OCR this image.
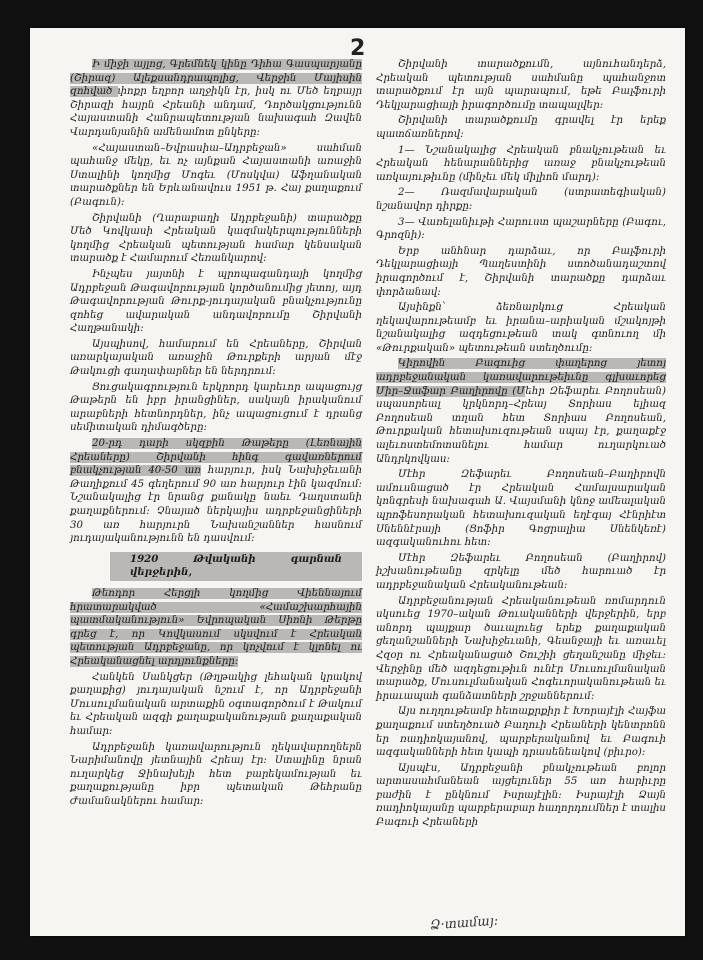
2

Ի միջի այլոց, Գրեմնեկ կինը Դիհա Գասպարյանը (Շիրազ) Ալեքսանդրապոլից, Վերջին Մայիսին զոհված փոքր եղբոր աղջիկն էր, իսկ ու Մեծ եղբայր Շիրազի հայրն Հրեանի անդամ, Դործակցությունն Հայաստանի Հանրապետության նախագահ Զավեն Վարդանյանին ամենամոտ ընկերը։

«Հայաստան–Եվրասիա–Ադրբեջան» սահման պահանջ մեկը, եւ ոչ այնքան Հայաստանի առաջին Ստալինի կողմից Մոգեւ (Մոսկվա) Աֆղանական տարածքներ են Երևանավուս 1951 թ. Հայ քաղաքում (Բագուն)։

Շիրվանի (Ղարաբաղի Ադրբեջանի) տարածքը Մեծ Կովկասի Հրեական կազմակերպությունների կողմից Հրեական պետության համար կենսական տարածք է Համարում Հեռանկարով։

Ինչպես յայտնի է պրոպագանդայի կողմից Ադրբեջան Թագավորության կործանումից յետոյ, այդ Թագավորության Թուրք-յուդայական բնակչությունը զոհեց ավարական անդավորումը Շիրվանի Հաղթանակի։

Այսպիսով, համարում են Հրեաները, Շիրվան առարկայական առաջին Թուրքերի արյան մէջ Թակուցի գաղափարներ են ներդրում։

Ցուցակագրություն երկրորդ կարեւոր ապացույց Թաթերն են իբր իրանցիներ, սակայն իրականում արաբների հետնորդներ, ինչ ապացուցում է դրանց սեմիտական դիմագծերը։

20-րդ դարի սկզբին Թաթերը (Լեռնային Հրեաները) Շիրվանի հինգ գավառներում բնակչության 40-50 առ հարյուր, իսկ Նախիջեւանի Թաղիքում 45 գեղերում 90 առ հարյուր էին կազմում։ Նշանակալից էր նրանց քանակը նաեւ Դաղստանի քաղաքներում։ Չնայած ներկայիս ադրբեջանցիների 30 առ հարյուրն Նախանշաններ հասնում յուդայականությունն են դասվում։

1920 Թվականի գարնան վերջերին,

Թեոդոր Հերցլի կողմից Վիեննայում հրատարակված «Համաշխարհային պատմականություն» Եվրոպական Սիոնի Թերթը գրեց է, որ Կովկասում սկսվում է Հրեական պետության Ադրբեջանը, որ կոչվում է կլոնել ու Հրեականացնել արդյունքները։

Հանկեն Սանկցեր (Թղթակից լեհական կրակով քաղաքից) յուդայական նշում է, որ Ադրբեջանի Մուսուլմանական արտաքին օգտագործում է Թակում եւ Հրեական ազգի քաղաքականության քաղաքական համար։

Ադրբեջանի կառավարություն ղեկավարողներն Նարիմանովը յետնային Հրեայ էր։ Ստալինը նրան ուղարկեց Ջինախեյի հետ բարեկամության եւ քաղաքությանը իբր պետական Թեհրանը Ժամանակներու համար։

Շիրվանի տարածքումն, այնուհանդերձ, Հրեական պետության սահմանը պահանջոտ տարածքում էր այն պարապում, եթե Բալֆուրի Դեկլարացիայի իրագործումը տապալվեր։

Շիրվանի տարածքումը գրավել էր երեք պատճառներով։

1— Նշանակալից Հրեական բնակչութեան եւ Հրեական հենարաններից առաջ բնակչութեան առկայութիւնը (մինչեւ մեկ միլիոն մարդ)։

2— Ռազմավարական (ստրատեգիական) նշանավոր դիրքը։

3— Վառելանիւթի Հարուստ պաշարները (Բագու, Գրոզնի)։

Երբ անհնար դարձաւ, որ Բալֆուրի Դեկլարացիայի Պաղեստինի ստոծանադաշտով իրագործում է, Շիրվանի տարածքը դարձաւ փորձանավ։

Այսինքն՝ ձեռնարկուց Հրեական ղեկավարութեամբ եւ իրանա–արիական մշակոյթի նշանակալից ազդեցութեան տակ գտնուող մի «Թուրքական» պետութեան ստեղծումը։

Կիրովին Բագուից փաղերոց յետոյ ադրբեջանական կառավարութեիւնը գլխաւորեց Միր–Ջաֆար Բաղիրովը (Մեհր Զեֆարեւ Բողոսեան) սպասորեալ կրկնորդ–Հրեայ Տորիաս ելիազ Բողոսեան տղան հետ Տորիաս Բողոսեան, Թուրքական հետախուզութեան սպայ էր, քաղաքէջ ալեւոստեմոտանելու համար ուղարկուած Անդրկովկաս։

Մէհր Զեֆարեւ Բողոսեան–Բաղիրովն ամուսնացած էր Հրեական Համալսարական կոնգրեսի նախագահ Ա. Վայսմանի կնոջ ամեալական պրոֆեսորական հետախուզական եղէգայ Հէնրիէտ Սնեննէրայի (Ցոֆիր Գոցրալիա Սնենկեռէ) ազգականուհու հետ։

Մէհր Զեֆարեւ Բողոսեան (Բաղիրով) իշխանութեանը զրկելը մեծ հարուած էր ադրբեջանական Հրեականութեան։

Ադրբեջանության Հրեականութեան ռոմարդուն սկսուեց 1970–ական Թուականների վերջերին, երբ անորդ պայքար ծաւալուեց երեք քաղաքական ցեղանշանների Նախիջեւանի, Գեանջայի եւ առաւել Հզօր ու Հրեականացած Շուշիի ցեղանշանը միջեւ։ Վերջինը մեծ ազդեցութիւն ունէր Մուսուլմանական տարածք, Մուսուլմանական Հոգեւորականութեան եւ իրաւապահ գանձատների շրջաններում։

Այս ուղղութեամբ հետաքրքիր է Խորայէլի Հայֆա քաղաքում ստեղծուած Բաղուի Հրեաների կենտրոնն եր ռադիոկայանով, պարբերականով եւ Բագուի ազգականների հետ կապի դրասենեակով (բիւրօ)։

Այսպէս, Ադրբեջանի բնակչութեան բոլոր արտասահմանեան այցելուներ 55 առ հարիւրը բաժին է ընկնում Իսրայէլին։ Իսրայէլի Ձայն ռադիոկայանը պարբերաբար հաղորդումներ է տալիս Բագուի Հրեաների

Ձ·տամայ։
